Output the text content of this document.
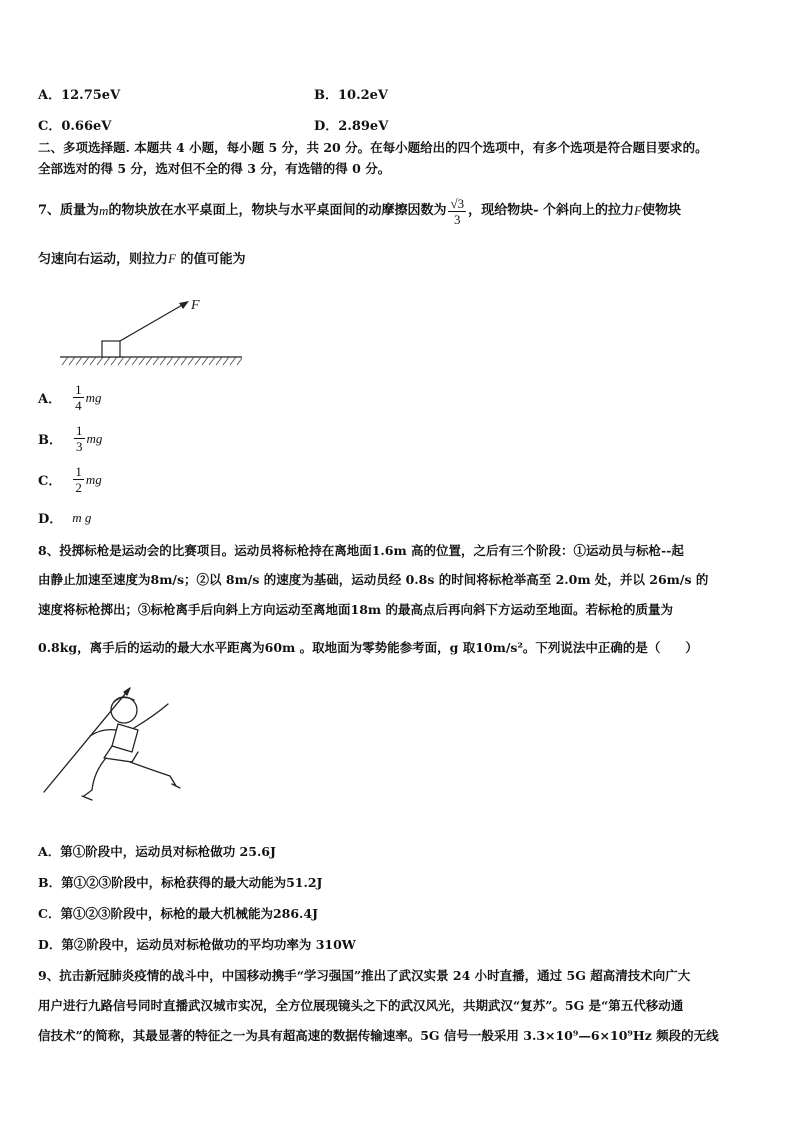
A．12.75eV	B．10.2eV
C．0.66eV	D．2.89eV
二、多项选择题. 本题共 4 小题，每小题 5 分，共 20 分。在每小题给出的四个选项中，有多个选项是符合题目要求的。
全部选对的得 5 分，选对但不全的得 3 分，有选错的得 0 分。
7、质量为 m 的物块放在水平桌面上，物块与水平桌面间的动摩擦因数为 $\frac{√3}{3}$ ，现给物块- 个斜向上的拉力 F 使物块
匀速向右运动，则拉力F 的值可能为
F
A． $\frac{1}{4}$ mg
B． $\frac{1}{3}$ mg
C． $\frac{1}{2}$ mg
D． m g
8、投掷标枪是运动会的比赛项目。运动员将标枪持在离地面1.6m 高的位置，之后有三个阶段：①运动员与标枪--起
由静止加速至速度为8m/s；②以 8m/s 的速度为基础，运动员经 0.8s 的时间将标枪举高至 2.0m 处，并以 26m/s 的
速度将标枪掷出；③标枪离手后向斜上方向运动至离地面18m 的最高点后再向斜下方运动至地面。若标枪的质量为
0.8kg，离手后的运动的最大水平距离为60m 。取地面为零势能参考面，g 取10m/s²。下列说法中正确的是（　　）
A．第①阶段中，运动员对标枪做功 25.6J
B．第①②③阶段中，标枪获得的最大动能为51.2J
C．第①②③阶段中，标枪的最大机械能为286.4J
D．第②阶段中，运动员对标枪做功的平均功率为 310W
9、抗击新冠肺炎疫情的战斗中，中国移动携手“学习强国”推出了武汉实景 24 小时直播，通过 5G 超高清技术向广大
用户进行九路信号同时直播武汉城市实况，全方位展现镜头之下的武汉风光，共期武汉“复苏”。5G 是“第五代移动通
信技术”的简称，其最显著的特征之一为具有超高速的数据传输速率。5G 信号一般采用 3.3×10⁹—6×10⁹Hz 频段的无线
